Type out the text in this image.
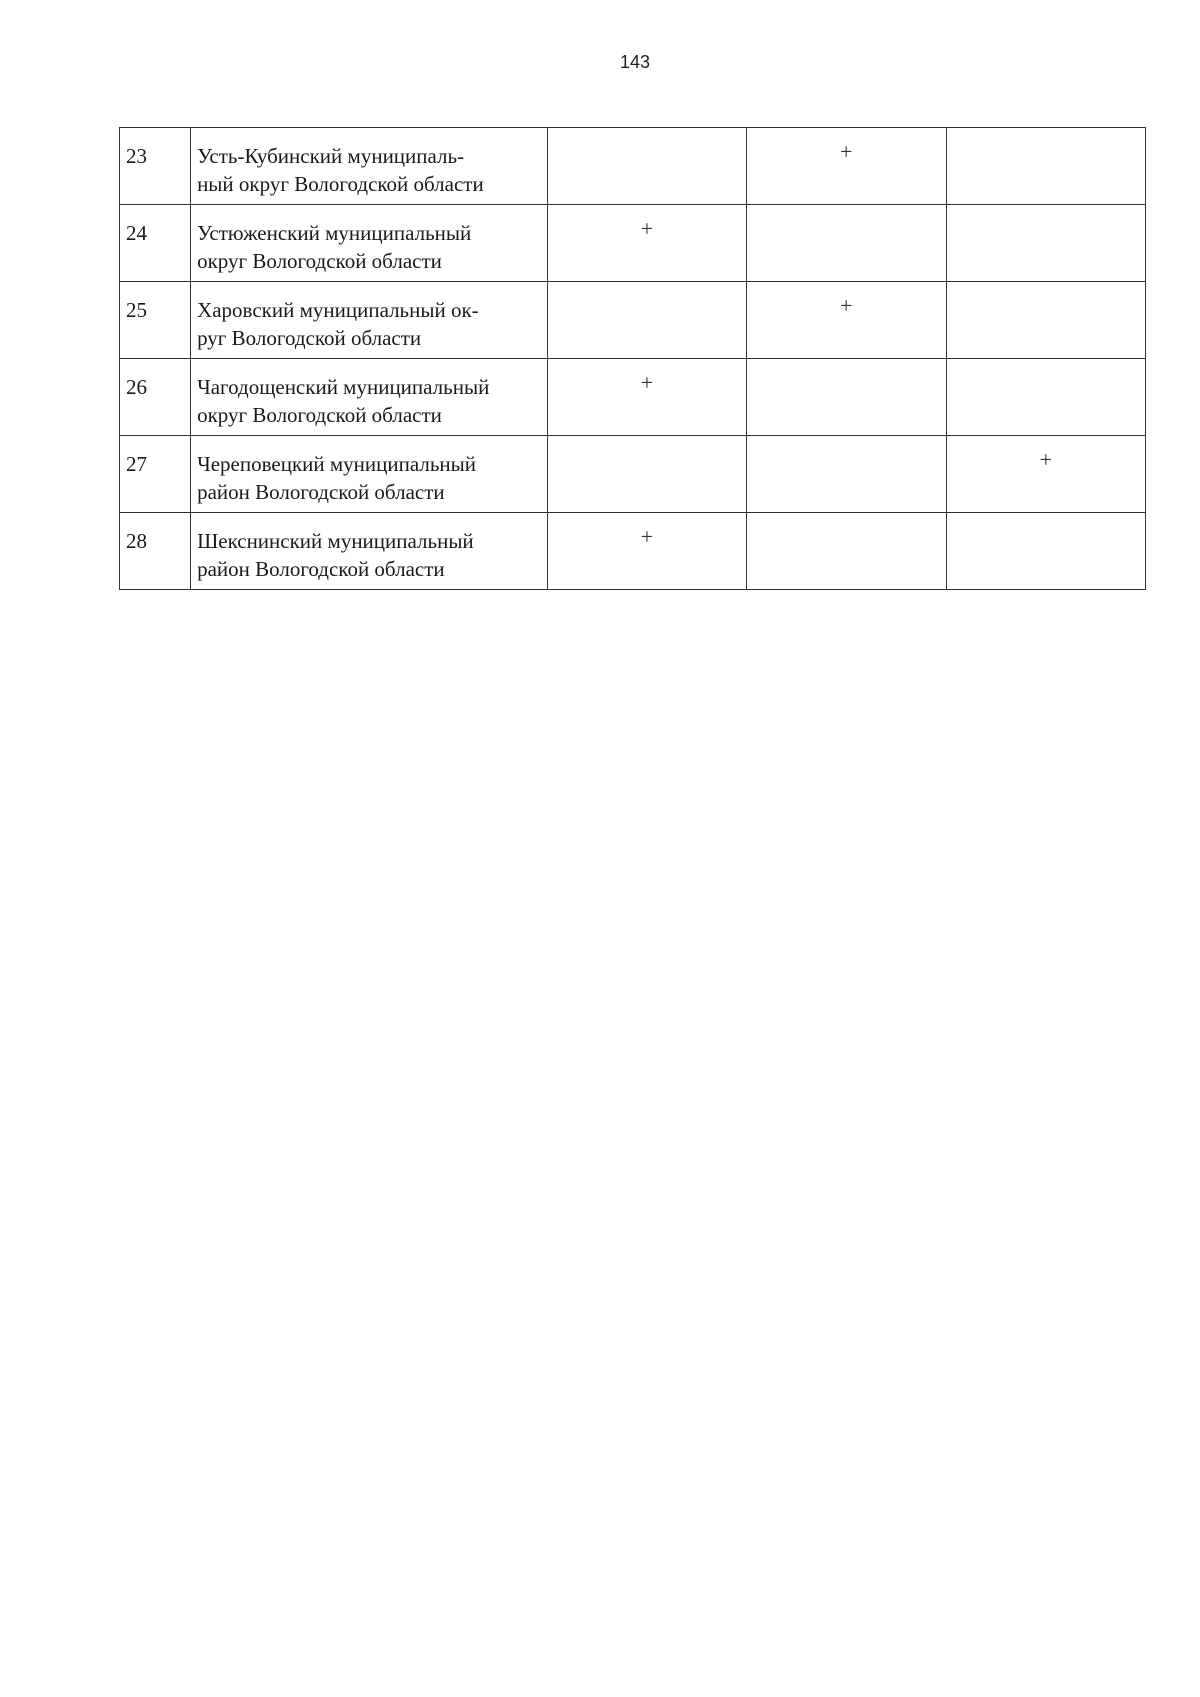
143
23	Усть-Кубинский муниципаль-
ный округ Вологодской области		+	

24	Устюженский муниципальный
округ Вологодской области	+		

25	Харовский муниципальный ок-
руг Вологодской области		+	

26	Чагодощенский муниципальный
округ Вологодской области	+		

27	Череповецкий муниципальный
район Вологодской области			+

28	Шекснинский муниципальный
район Вологодской области	+		
